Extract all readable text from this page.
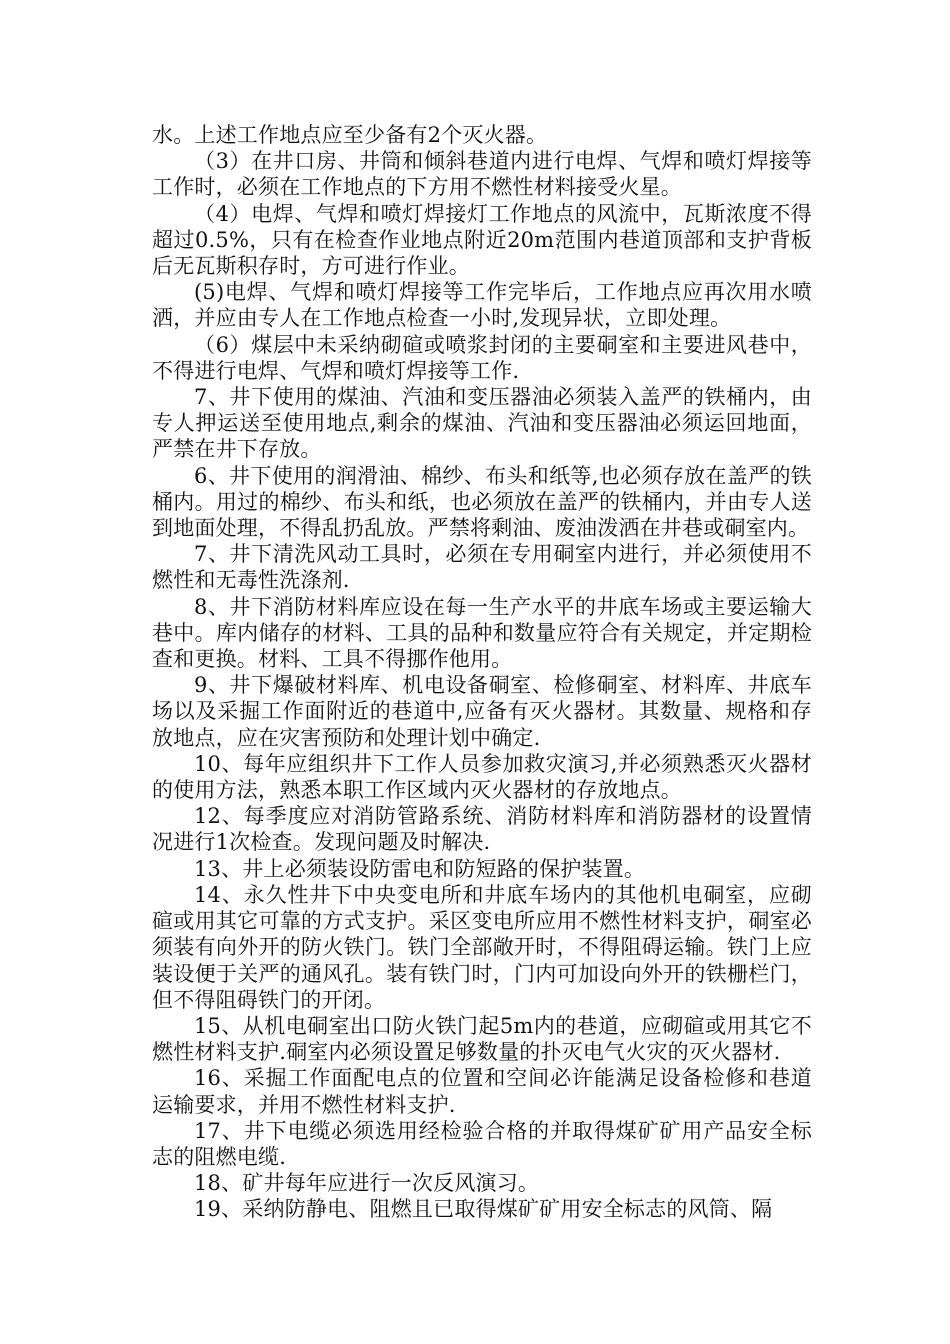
水。上述工作地点应至少备有2个灭火器。

（3）在井口房、井筒和倾斜巷道内进行电焊、气焊和喷灯焊接等工作时，必须在工作地点的下方用不燃性材料接受火星。

（4）电焊、气焊和喷灯焊接灯工作地点的风流中，瓦斯浓度不得超过0.5%，只有在检查作业地点附近20m范围内巷道顶部和支护背板后无瓦斯积存时，方可进行作业。

(5)电焊、气焊和喷灯焊接等工作完毕后，工作地点应再次用水喷洒，并应由专人在工作地点检查一小时,发现异状，立即处理。

（6）煤层中未采纳砌碹或喷浆封闭的主要硐室和主要进风巷中，不得进行电焊、气焊和喷灯焊接等工作.

7、井下使用的煤油、汽油和变压器油必须装入盖严的铁桶内，由专人押运送至使用地点,剩余的煤油、汽油和变压器油必须运回地面，严禁在井下存放。

6、井下使用的润滑油、棉纱、布头和纸等,也必须存放在盖严的铁桶内。用过的棉纱、布头和纸，也必须放在盖严的铁桶内，并由专人送到地面处理，不得乱扔乱放。严禁将剩油、废油泼洒在井巷或硐室内。

7、井下清洗风动工具时，必须在专用硐室内进行，并必须使用不燃性和无毒性洗涤剂.

8、井下消防材料库应设在每一生产水平的井底车场或主要运输大巷中。库内储存的材料、工具的品种和数量应符合有关规定，并定期检查和更换。材料、工具不得挪作他用。

9、井下爆破材料库、机电设备硐室、检修硐室、材料库、井底车场以及采掘工作面附近的巷道中,应备有灭火器材。其数量、规格和存放地点，应在灾害预防和处理计划中确定.

10、每年应组织井下工作人员参加救灾演习,并必须熟悉灭火器材的使用方法，熟悉本职工作区域内灭火器材的存放地点。

12、每季度应对消防管路系统、消防材料库和消防器材的设置情况进行1次检查。发现问题及时解决.

13、井上必须装设防雷电和防短路的保护装置。

14、永久性井下中央变电所和井底车场内的其他机电硐室，应砌碹或用其它可靠的方式支护。采区变电所应用不燃性材料支护，硐室必须装有向外开的防火铁门。铁门全部敞开时，不得阻碍运输。铁门上应装设便于关严的通风孔。装有铁门时，门内可加设向外开的铁栅栏门，但不得阻碍铁门的开闭。

15、从机电硐室出口防火铁门起5m内的巷道，应砌碹或用其它不燃性材料支护.硐室内必须设置足够数量的扑灭电气火灾的灭火器材.

16、采掘工作面配电点的位置和空间必许能满足设备检修和巷道运输要求，并用不燃性材料支护.

17、井下电缆必须选用经检验合格的并取得煤矿矿用产品安全标志的阻燃电缆.

18、矿井每年应进行一次反风演习。

19、采纳防静电、阻燃且已取得煤矿矿用安全标志的风筒、隔
